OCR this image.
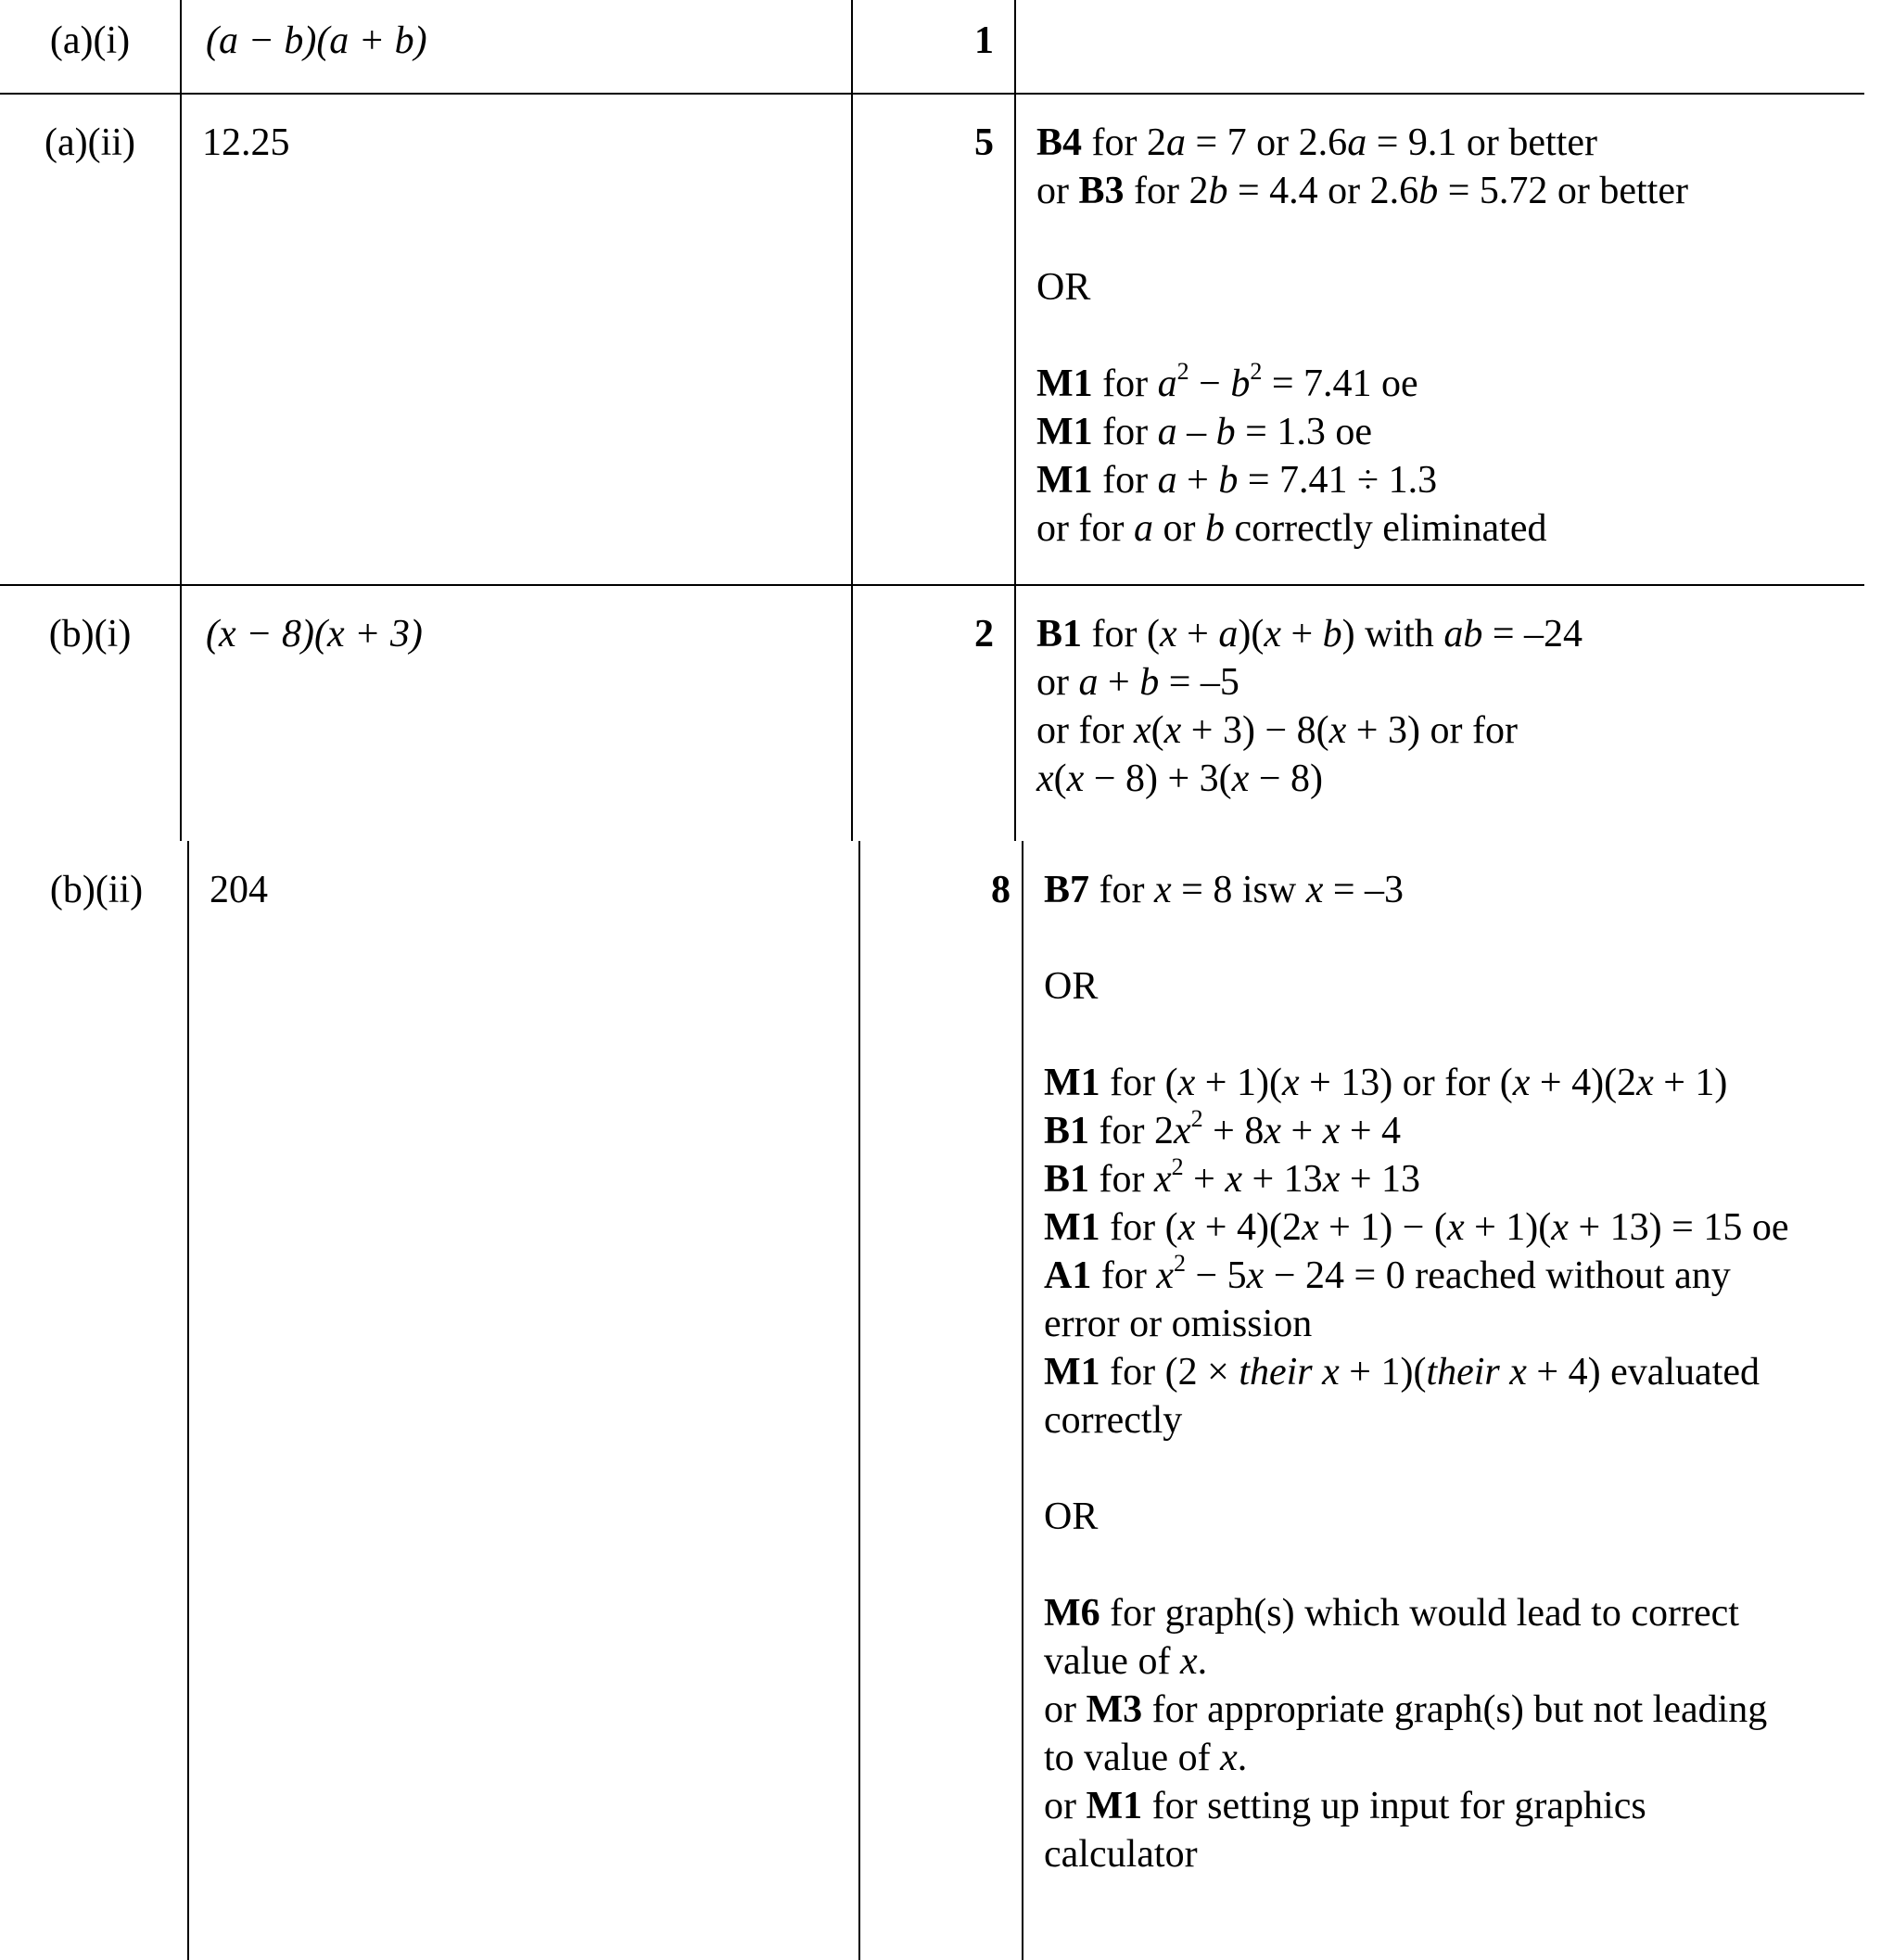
(a)(i)	(a − b)(a + b)	1
(a)(ii)	12.25	5 B4 for 2a = 7 or 2.6a = 9.1 or better
or B3 for 2b = 4.4 or 2.6b = 5.72 or better
OR
M1 for $a^2 - b^2 = 7.41$ oe
M1 for a – b = 1.3 oe
M1 for a + b = 7.41 ÷ 1.3
or for a or b correctly eliminated
(b)(i)	(x − 8)(x + 3)	2 B1 for (x + a)(x + b) with ab = –24
or a + b = –5
or for x(x + 3) − 8(x + 3) or for
x(x − 8) + 3(x − 8)
(b)(ii)	204	8 B7 for x = 8 isw x = –3
OR
M1 for (x + 1)(x + 13) or for (x + 4)(2x + 1)
B1 for $2x^2 + 8x + x + 4$
B1 for $x^2 + x + 13x + 13$
M1 for (x + 4)(2x + 1) − (x + 1)(x + 13) = 15 oe
A1 for $x^2 - 5x - 24 = 0$ reached without any
error or omission
M1 for (2 × their x + 1)(their x + 4) evaluated
correctly
OR
M6 for graph(s) which would lead to correct
value of x.
or M3 for appropriate graph(s) but not leading
to value of x.
or M1 for setting up input for graphics
calculator
